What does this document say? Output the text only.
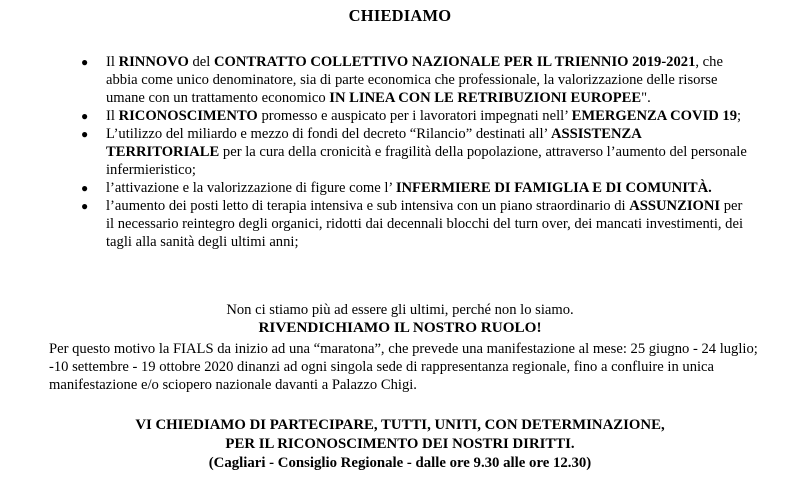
CHIEDIAMO
● Il RINNOVO del CONTRATTO COLLETTIVO NAZIONALE PER IL TRIENNIO 2019-2021, che abbia come unico denominatore, sia di parte economica che professionale, la valorizzazione delle risorse umane con un trattamento economico IN LINEA CON LE RETRIBUZIONI EUROPEE".
● Il RICONOSCIMENTO promesso e auspicato per i lavoratori impegnati nell’ EMERGENZA COVID 19;
● L’utilizzo del miliardo e mezzo di fondi del decreto “Rilancio” destinati all’ ASSISTENZA TERRITORIALE per la cura della cronicità e fragilità della popolazione, attraverso l’aumento del personale infermieristico;
● l’attivazione e la valorizzazione di figure come l’ INFERMIERE DI FAMIGLIA E DI COMUNITÀ.
● l’aumento dei posti letto di terapia intensiva e sub intensiva con un piano straordinario di ASSUNZIONI per il necessario reintegro degli organici, ridotti dai decennali blocchi del turn over, dei mancati investimenti, dei tagli alla sanità degli ultimi anni;
Non ci stiamo più ad essere gli ultimi, perché non lo siamo.
RIVENDICHIAMO IL NOSTRO RUOLO!
Per questo motivo la FIALS da inizio ad una “maratona”, che prevede una manifestazione al mese: 25 giugno - 24 luglio; -10 settembre - 19 ottobre 2020 dinanzi ad ogni singola sede di rappresentanza regionale, fino a confluire in unica manifestazione e/o sciopero nazionale davanti a Palazzo Chigi.
VI CHIEDIAMO DI PARTECIPARE, TUTTI, UNITI, CON DETERMINAZIONE,
PER IL RICONOSCIMENTO DEI NOSTRI DIRITTI.
(Cagliari - Consiglio Regionale - dalle ore 9.30 alle ore 12.30)
